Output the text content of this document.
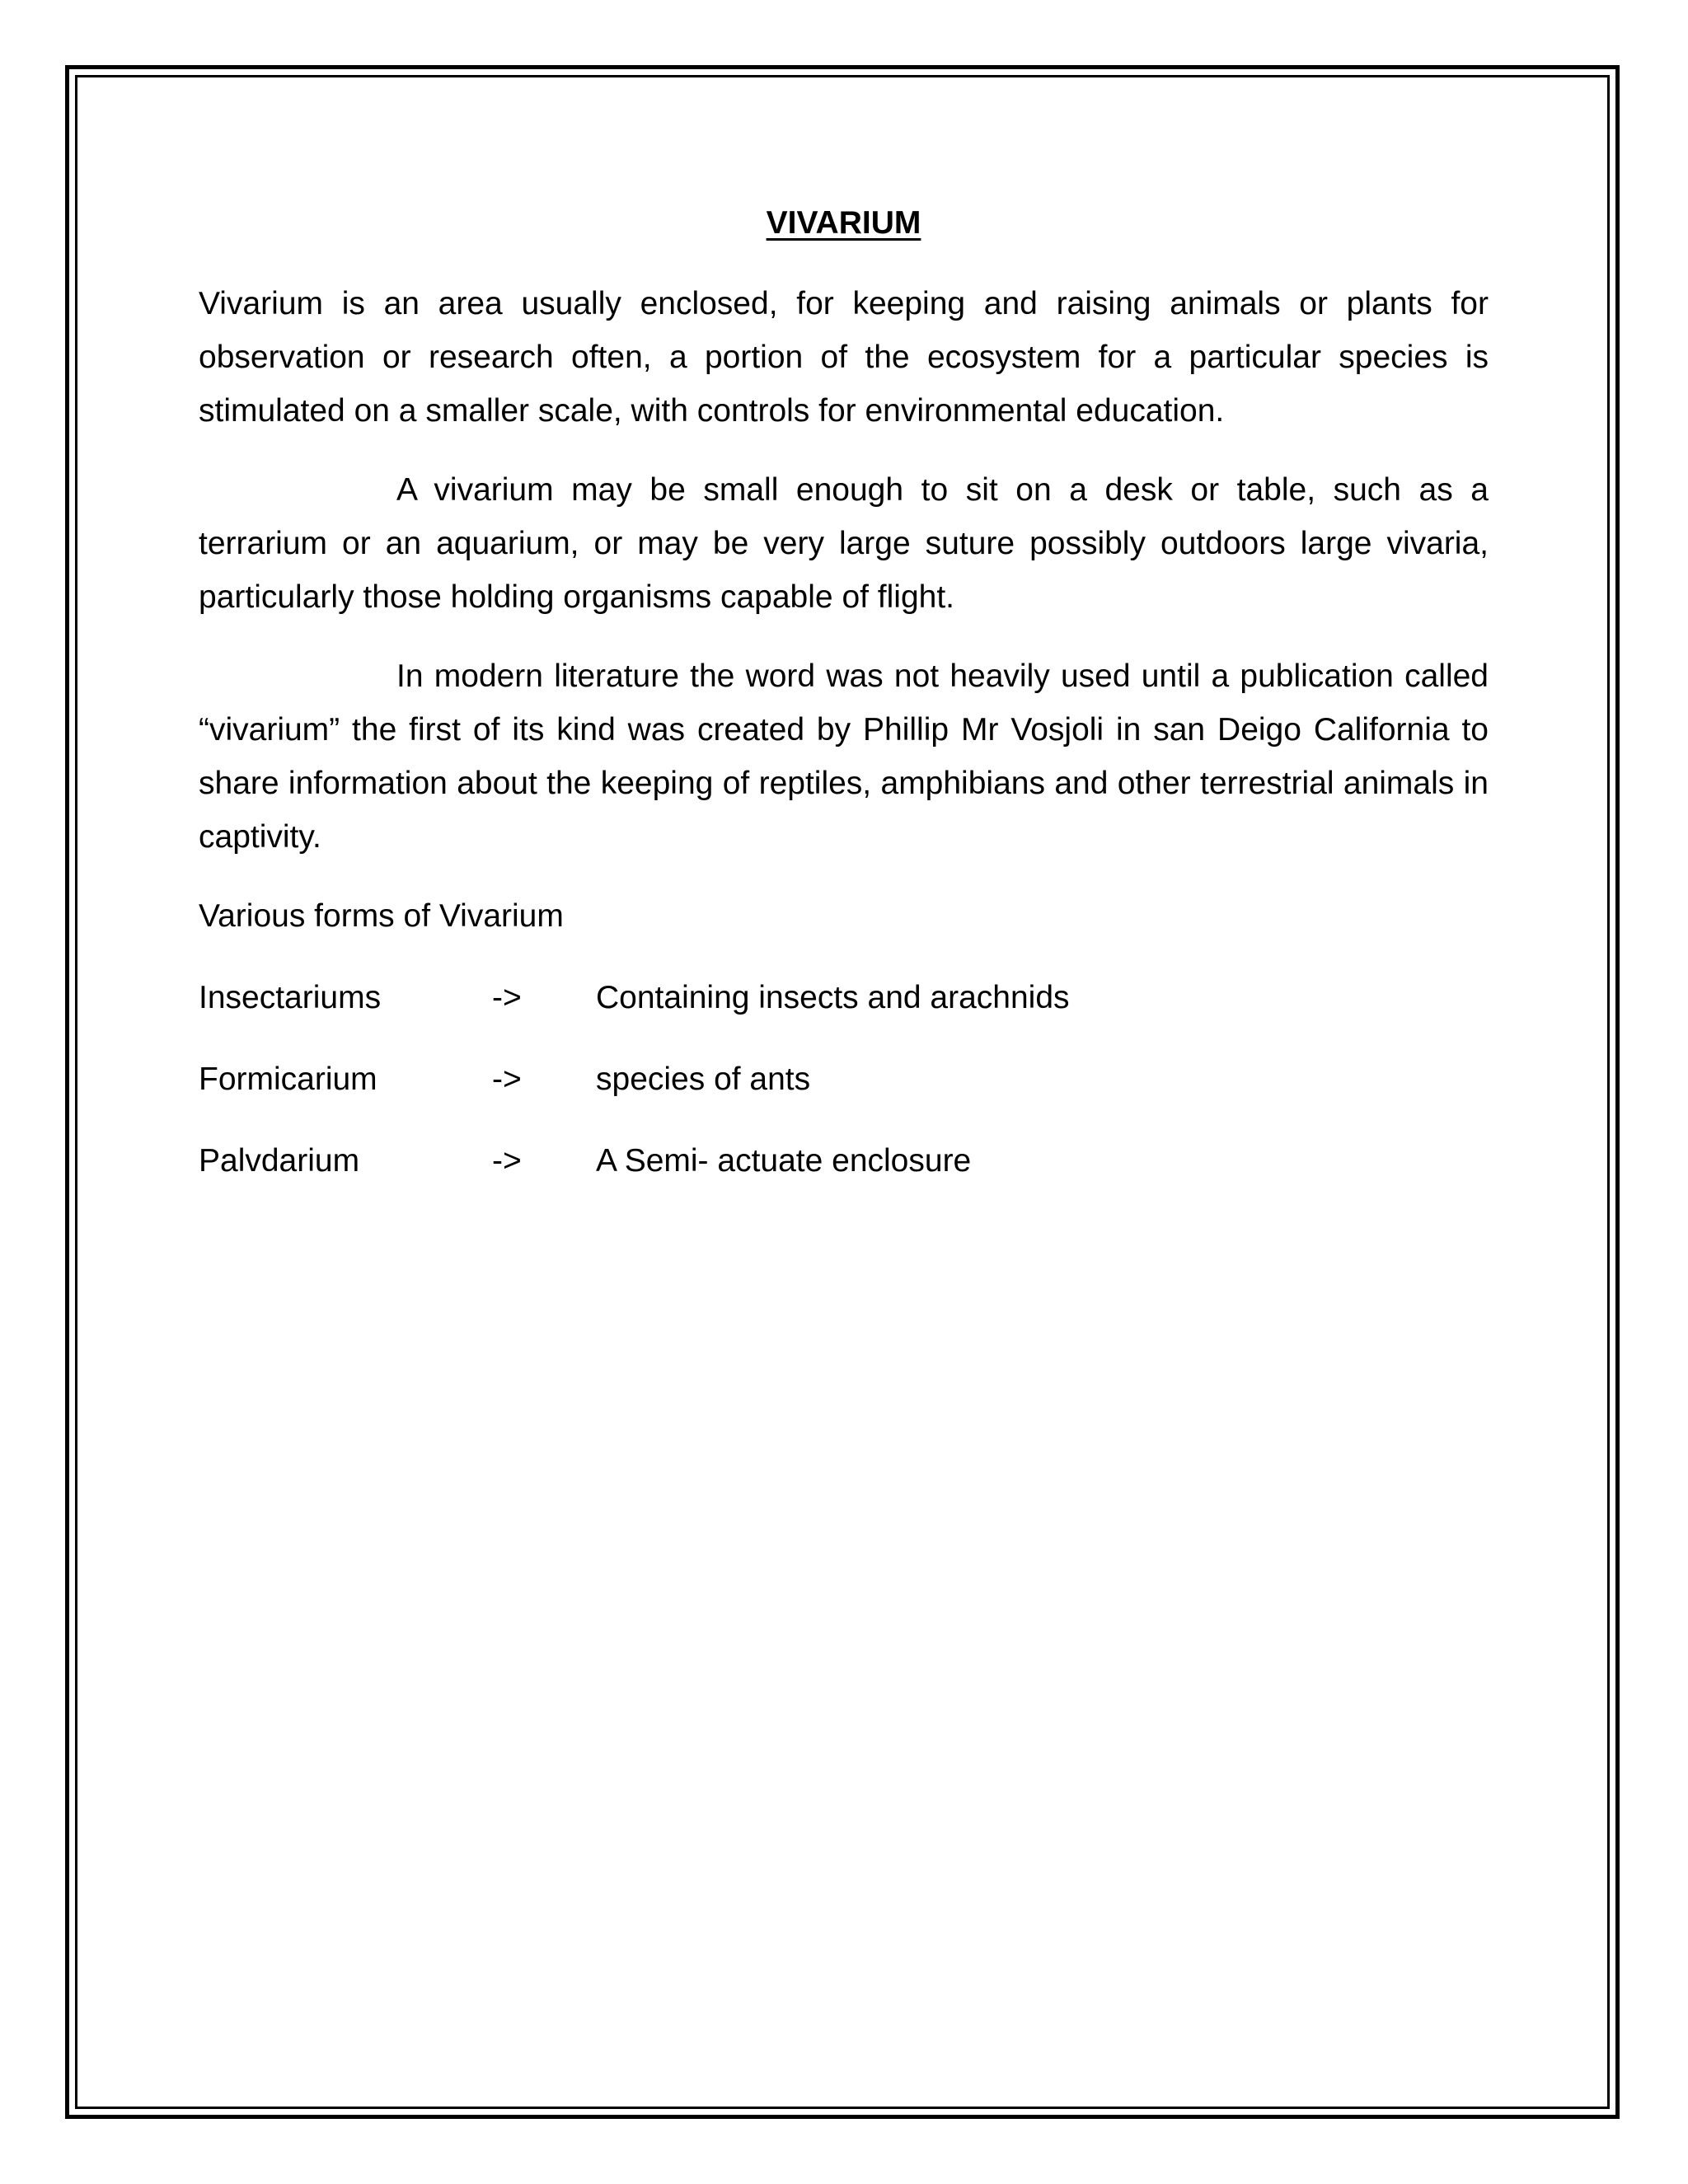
VIVARIUM

Vivarium is an area usually enclosed, for keeping and raising animals or plants for observation or research often, a portion of the ecosystem for a particular species is stimulated on a smaller scale, with controls for environmental education.

A vivarium may be small enough to sit on a desk or table, such as a terrarium or an aquarium, or may be very large suture possibly outdoors large vivaria, particularly those holding organisms capable of flight.

In modern literature the word was not heavily used until a publication called “vivarium” the first of its kind was created by Phillip Mr Vosjoli in san Deigo California to share information about the keeping of reptiles, amphibians and other terrestrial animals in captivity.

Various forms of Vivarium
Insectariums	->	Containing insects and arachnids
Formicarium	->	species of ants
Palvdarium	->	A Semi- actuate enclosure
